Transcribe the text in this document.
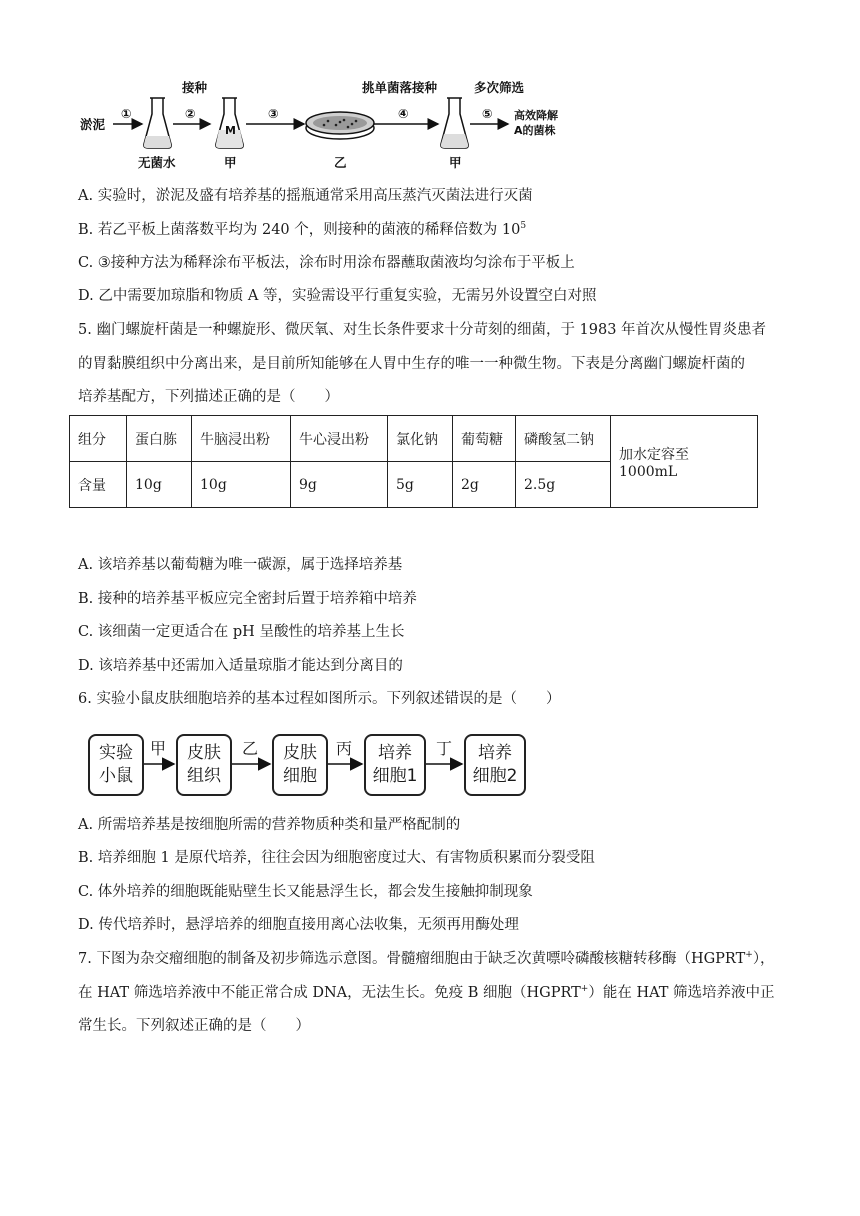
淤泥
①	②	③	④	⑤
接种	挑单菌落接种	多次筛选
无菌水
M
甲	乙	甲
高效降解
A的菌株
A. 实验时，淤泥及盛有培养基的摇瓶通常采用高压蒸汽灭菌法进行灭菌
B. 若乙平板上菌落数平均为 240 个，则接种的菌液的稀释倍数为 $10^5$
C. ③接种方法为稀释涂布平板法，涂布时用涂布器蘸取菌液均匀涂布于平板上
D. 乙中需要加琼脂和物质 A 等，实验需设平行重复实验，无需另外设置空白对照
5. 幽门螺旋杆菌是一种螺旋形、微厌氧、对生长条件要求十分苛刻的细菌，于 1983 年首次从慢性胃炎患者
的胃黏膜组织中分离出来，是目前所知能够在人胃中生存的唯一一种微生物。下表是分离幽门螺旋杆菌的
培养基配方，下列描述正确的是（　　）
组分	蛋白胨	牛脑浸出粉	牛心浸出粉	氯化钠	葡萄糖	磷酸氢二钠	加水定容至 1000mL
含量	10g	10g	9g	5g	2g	2.5g	
A. 该培养基以葡萄糖为唯一碳源，属于选择培养基
B. 接种的培养基平板应完全密封后置于培养箱中培养
C. 该细菌一定更适合在 pH 呈酸性的培养基上生长
D. 该培养基中还需加入适量琼脂才能达到分离目的
6. 实验小鼠皮肤细胞培养的基本过程如图所示。下列叙述错误的是（　　）
实验
小鼠
甲 皮肤
组织
乙 皮肤
细胞
丙 培养
细胞1
丁 培养
细胞2
A. 所需培养基是按细胞所需的营养物质种类和量严格配制的
B. 培养细胞 1 是原代培养，往往会因为细胞密度过大、有害物质积累而分裂受阻
C. 体外培养的细胞既能贴壁生长又能悬浮生长，都会发生接触抑制现象
D. 传代培养时，悬浮培养的细胞直接用离心法收集，无须再用酶处理
7. 下图为杂交瘤细胞的制备及初步筛选示意图。骨髓瘤细胞由于缺乏次黄嘌呤磷酸核糖转移酶（HGPRT+），
在 HAT 筛选培养液中不能正常合成 DNA，无法生长。免疫 B 细胞（HGPRT+）能在 HAT 筛选培养液中正
常生长。下列叙述正确的是（　　）
